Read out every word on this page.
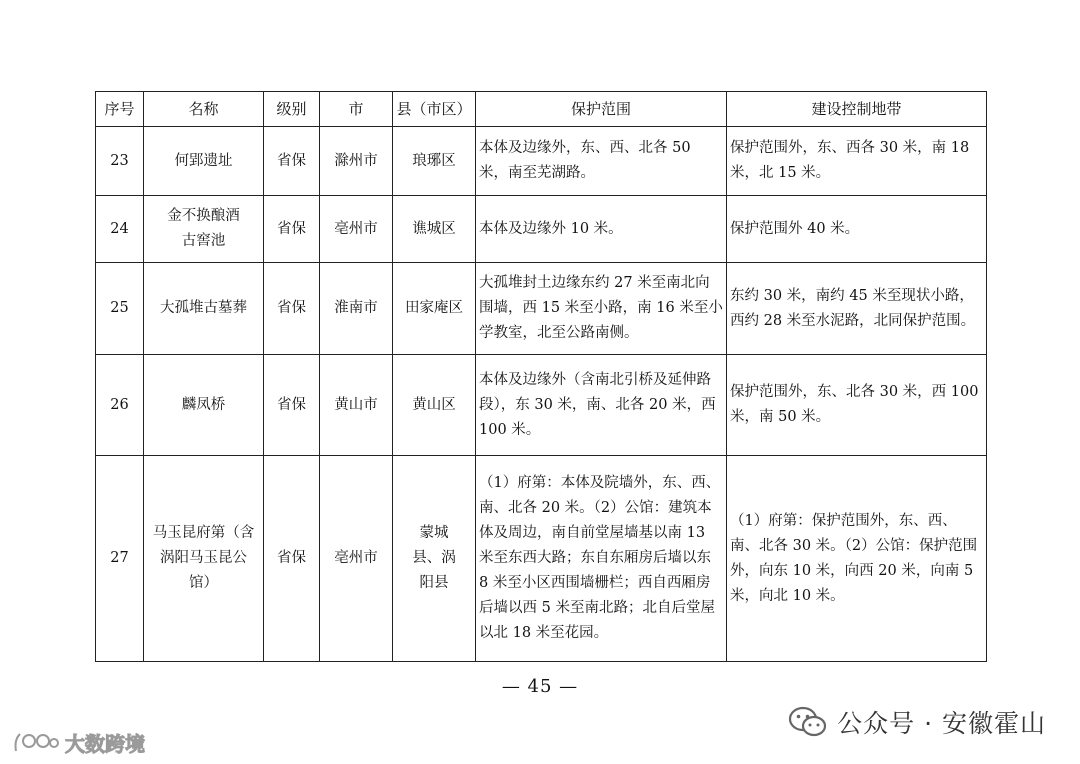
序号	名称	级别	市	县（市区）	保护范围	建设控制地带
23	何郢遗址	省保	滁州市	琅琊区	本体及边缘外，东、西、北各 50 米，南至芜湖路。	保护范围外，东、西各 30 米，南 18 米，北 15 米。
24	金不换酿酒古窖池	省保	亳州市	谯城区	本体及边缘外 10 米。	保护范围外 40 米。
25	大孤堆古墓葬	省保	淮南市	田家庵区	大孤堆封土边缘东约 27 米至南北向围墙，西 15 米至小路，南 16 米至小学教室，北至公路南侧。	东约 30 米，南约 45 米至现状小路，西约 28 米至水泥路，北同保护范围。
26	麟凤桥	省保	黄山市	黄山区	本体及边缘外（含南北引桥及延伸路段），东 30 米，南、北各 20 米，西 100 米。	保护范围外，东、北各 30 米，西 100 米，南 50 米。
27	马玉昆府第（含涡阳马玉昆公馆）	省保	亳州市	蒙城县、涡阳县	（1）府第：本体及院墙外，东、西、南、北各 20 米。（2）公馆：建筑本体及周边，南自前堂屋墙基以南 13 米至东西大路；东自东厢房后墙以东 8 米至小区西围墙栅栏；西自西厢房后墙以西 5 米至南北路；北自后堂屋以北 18 米至花园。	（1）府第：保护范围外，东、西、南、北各 30 米。（2）公馆：保护范围外，向东 10 米，向西 20 米，向南 5 米，向北 10 米。
— 45 —
大数跨境
公众号 · 安徽霍山
